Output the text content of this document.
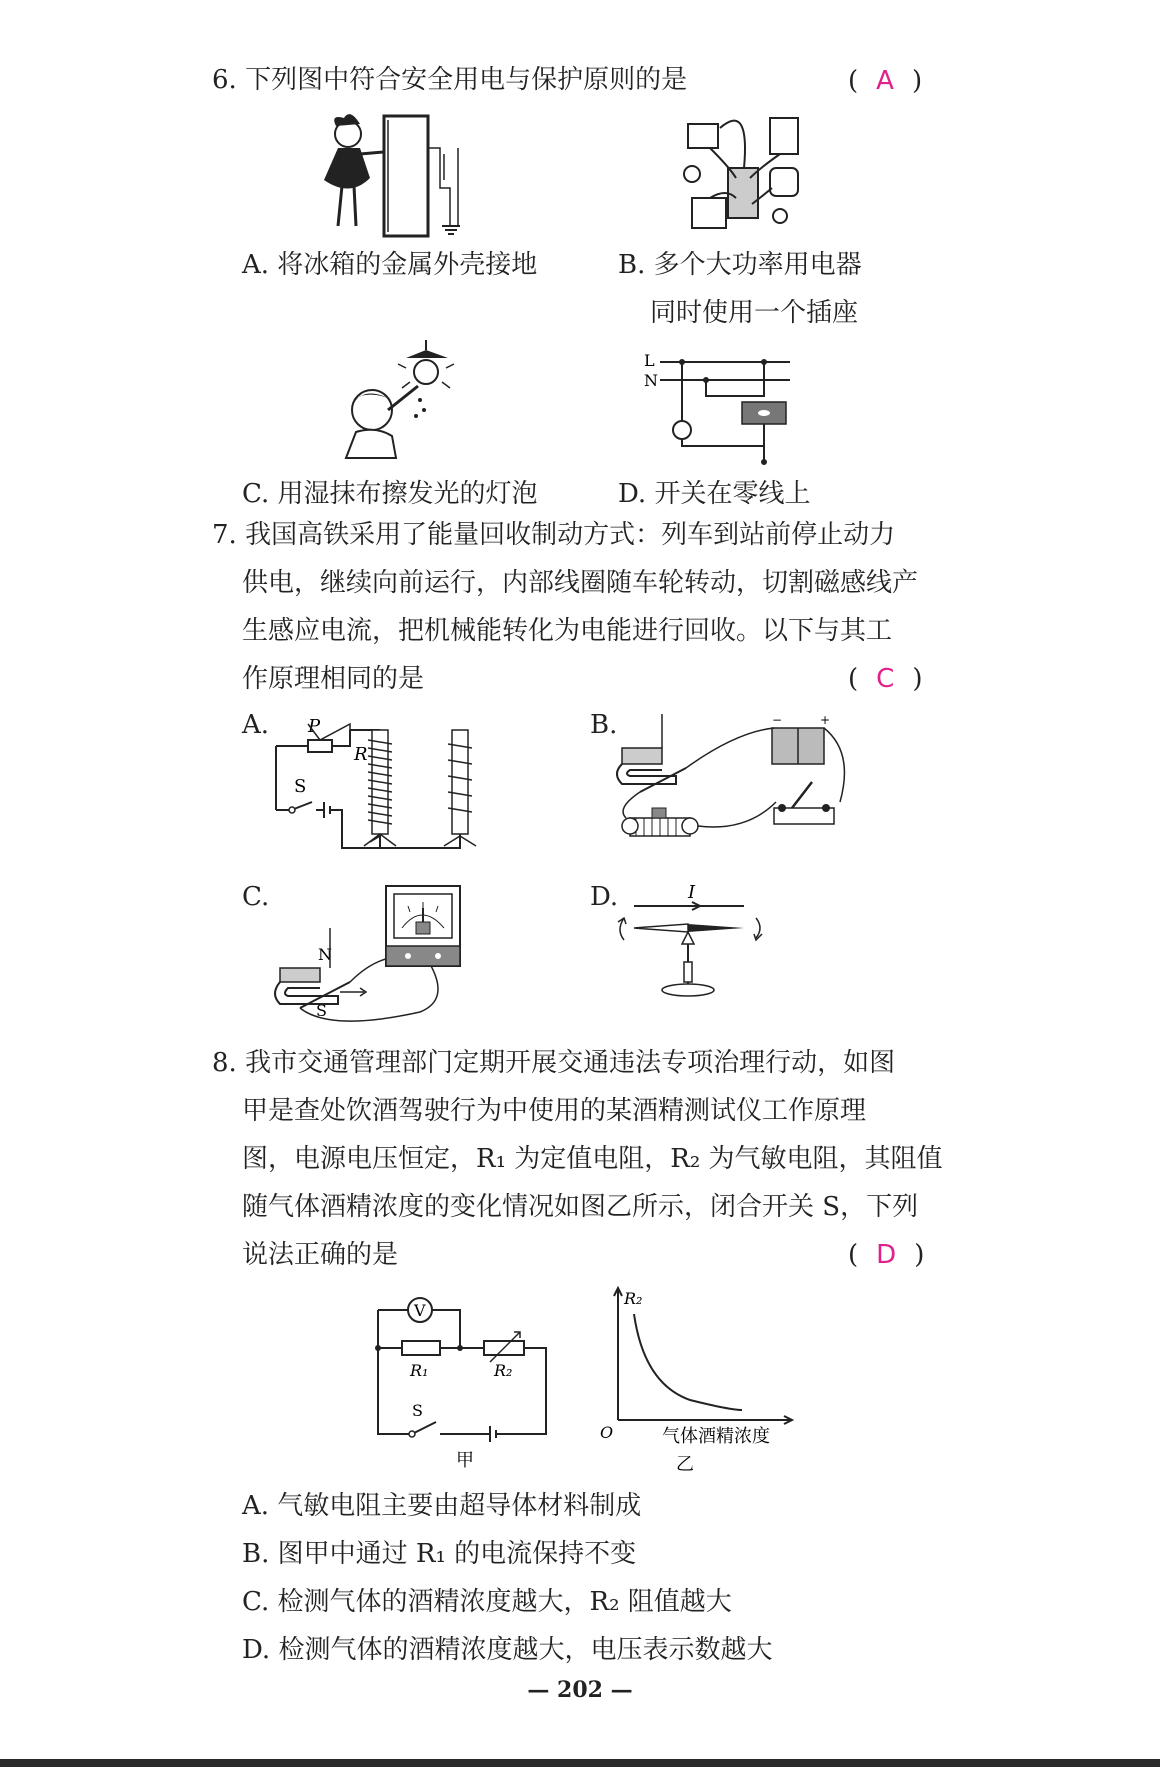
6. 下列图中符合安全用电与保护原则的是	( A )
A. 将冰箱的金属外壳接地	B. 多个大功率用电器
同时使用一个插座
L
N
C. 用湿抹布擦发光的灯泡	D. 开关在零线上
7. 我国高铁采用了能量回收制动方式：列车到站前停止动力
供电，继续向前运行，内部线圈随车轮转动，切割磁感线产
生感应电流，把机械能转化为电能进行回收。以下与其工
作原理相同的是	( C )
A. P
R
S
B.	−	+
C.
N
S
D.	I
8. 我市交通管理部门定期开展交通违法专项治理行动，如图
甲是查处饮酒驾驶行为中使用的某酒精测试仪工作原理
图，电源电压恒定，R₁ 为定值电阻，R₂ 为气敏电阻，其阻值
随气体酒精浓度的变化情况如图乙所示，闭合开关 S，下列
说法正确的是	( D )
V
R₁	R₂
S
甲
R₂
O	气体酒精浓度
乙
A. 气敏电阻主要由超导体材料制成
B. 图甲中通过 R₁ 的电流保持不变
C. 检测气体的酒精浓度越大，R₂ 阻值越大
D. 检测气体的酒精浓度越大，电压表示数越大
— 202 —
